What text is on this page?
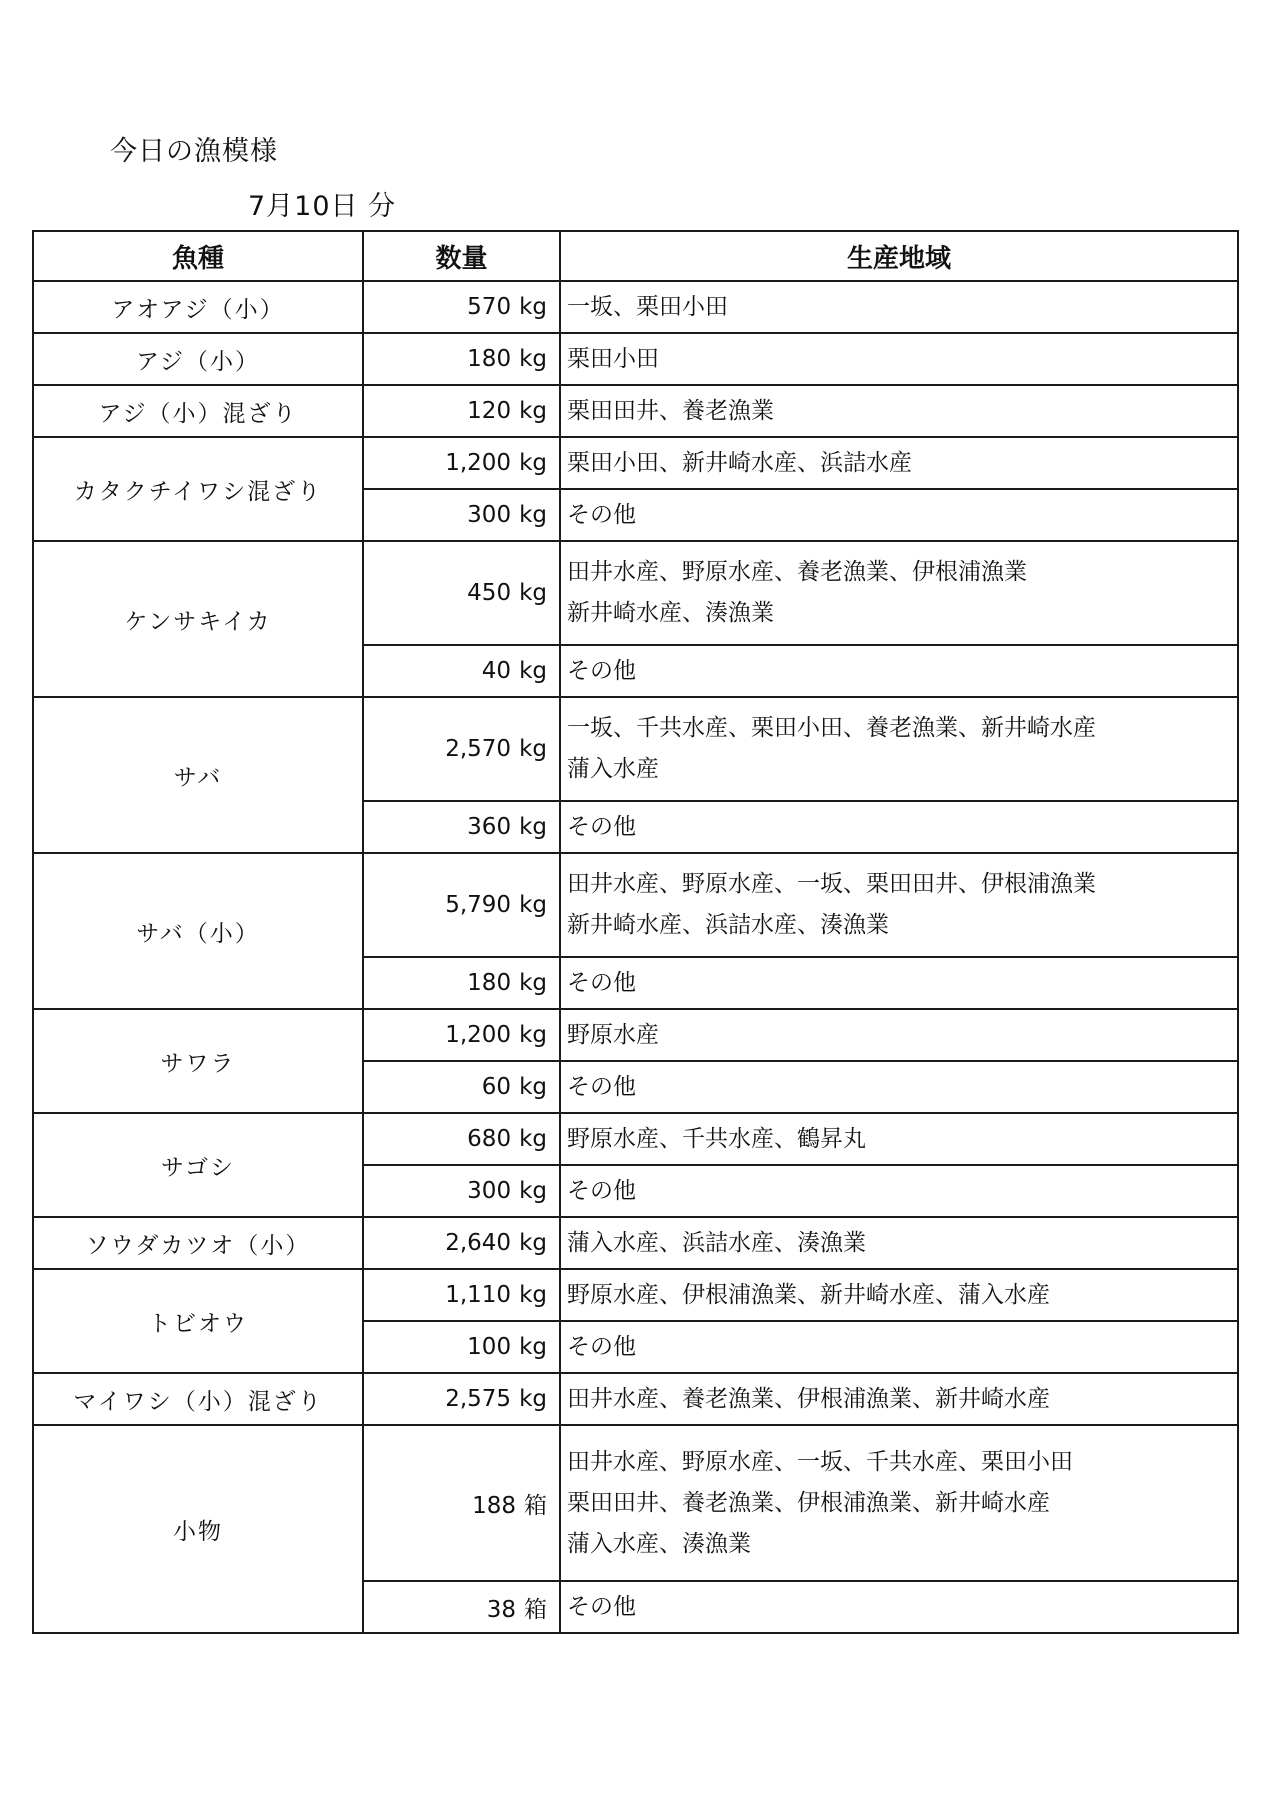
今日の漁模様
7月10日 分
魚種	数量	生産地域
アオアジ（小）	570 kg	一坂、栗田小田

アジ（小）	180 kg	栗田小田

アジ（小）混ざり	120 kg	栗田田井、養老漁業

カタクチイワシ混ざり	1,200 kg	栗田小田、新井崎水産、浜詰水産

	300 kg	その他

ケンサキイカ	450 kg	田井水産、野原水産、養老漁業、伊根浦漁業
新井崎水産、湊漁業

	40 kg	その他

サバ	2,570 kg	一坂、千共水産、栗田小田、養老漁業、新井崎水産
蒲入水産

	360 kg	その他

サバ（小）	5,790 kg	田井水産、野原水産、一坂、栗田田井、伊根浦漁業
新井崎水産、浜詰水産、湊漁業

	180 kg	その他

サワラ	1,200 kg	野原水産

	60 kg	その他

サゴシ	680 kg	野原水産、千共水産、鶴昇丸

	300 kg	その他

ソウダカツオ（小）	2,640 kg	蒲入水産、浜詰水産、湊漁業

トビオウ	1,110 kg	野原水産、伊根浦漁業、新井崎水産、蒲入水産

	100 kg	その他

マイワシ（小）混ざり	2,575 kg	田井水産、養老漁業、伊根浦漁業、新井崎水産

小物	188 箱	田井水産、野原水産、一坂、千共水産、栗田小田
栗田田井、養老漁業、伊根浦漁業、新井崎水産
蒲入水産、湊漁業

	38 箱	その他
